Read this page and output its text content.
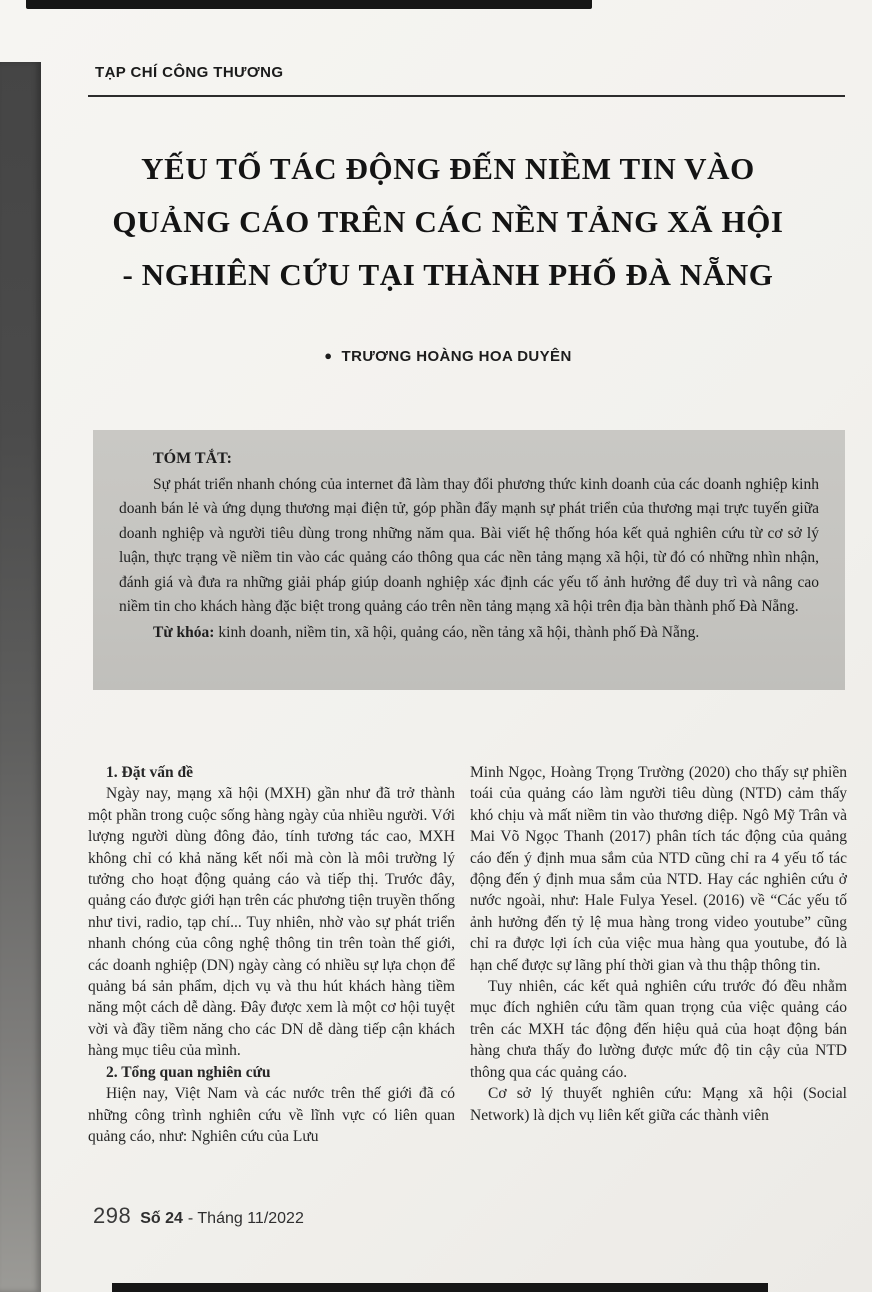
TẠP CHÍ CÔNG THƯƠNG
YẾU TỐ TÁC ĐỘNG ĐẾN NIỀM TIN VÀO
QUẢNG CÁO TRÊN CÁC NỀN TẢNG XÃ HỘI
- NGHIÊN CỨU TẠI THÀNH PHỐ ĐÀ NẴNG
● TRƯƠNG HOÀNG HOA DUYÊN
TÓM TẮT:

Sự phát triển nhanh chóng của internet đã làm thay đổi phương thức kinh doanh của các doanh nghiệp kinh doanh bán lẻ và ứng dụng thương mại điện tử, góp phần đẩy mạnh sự phát triển của thương mại trực tuyến giữa doanh nghiệp và người tiêu dùng trong những năm qua. Bài viết hệ thống hóa kết quả nghiên cứu từ cơ sở lý luận, thực trạng về niềm tin vào các quảng cáo thông qua các nền tảng mạng xã hội, từ đó có những nhìn nhận, đánh giá và đưa ra những giải pháp giúp doanh nghiệp xác định các yếu tố ảnh hưởng để duy trì và nâng cao niềm tin cho khách hàng đặc biệt trong quảng cáo trên nền tảng mạng xã hội trên địa bàn thành phố Đà Nẵng.

Từ khóa: kinh doanh, niềm tin, xã hội, quảng cáo, nền tảng xã hội, thành phố Đà Nẵng.

1. Đặt vấn đề

Ngày nay, mạng xã hội (MXH) gần như đã trở thành một phần trong cuộc sống hàng ngày của nhiều người. Với lượng người dùng đông đảo, tính tương tác cao, MXH không chỉ có khả năng kết nối mà còn là môi trường lý tưởng cho hoạt động quảng cáo và tiếp thị. Trước đây, quảng cáo được giới hạn trên các phương tiện truyền thống như tivi, radio, tạp chí... Tuy nhiên, nhờ vào sự phát triển nhanh chóng của công nghệ thông tin trên toàn thế giới, các doanh nghiệp (DN) ngày càng có nhiều sự lựa chọn để quảng bá sản phẩm, dịch vụ và thu hút khách hàng tiềm năng một cách dễ dàng. Đây được xem là một cơ hội tuyệt vời và đầy tiềm năng cho các DN dễ dàng tiếp cận khách hàng mục tiêu của mình.

2. Tổng quan nghiên cứu

Hiện nay, Việt Nam và các nước trên thế giới đã có những công trình nghiên cứu về lĩnh vực có liên quan quảng cáo, như: Nghiên cứu của Lưu

Minh Ngọc, Hoàng Trọng Trường (2020) cho thấy sự phiền toái của quảng cáo làm người tiêu dùng (NTD) cảm thấy khó chịu và mất niềm tin vào thương diệp. Ngô Mỹ Trân và Mai Võ Ngọc Thanh (2017) phân tích tác động của quảng cáo đến ý định mua sắm của NTD cũng chỉ ra 4 yếu tố tác động đến ý định mua sắm của NTD. Hay các nghiên cứu ở nước ngoài, như: Hale Fulya Yesel. (2016) về “Các yếu tố ảnh hưởng đến tỷ lệ mua hàng trong video youtube” cũng chỉ ra được lợi ích của việc mua hàng qua youtube, đó là hạn chế được sự lãng phí thời gian và thu thập thông tin.

Tuy nhiên, các kết quả nghiên cứu trước đó đều nhằm mục đích nghiên cứu tầm quan trọng của việc quảng cáo trên các MXH tác động đến hiệu quả của hoạt động bán hàng chưa thấy đo lường được mức độ tin cậy của NTD thông qua các quảng cáo.

Cơ sở lý thuyết nghiên cứu: Mạng xã hội (Social Network) là dịch vụ liên kết giữa các thành viên

298 Số 24 - Tháng 11/2022
